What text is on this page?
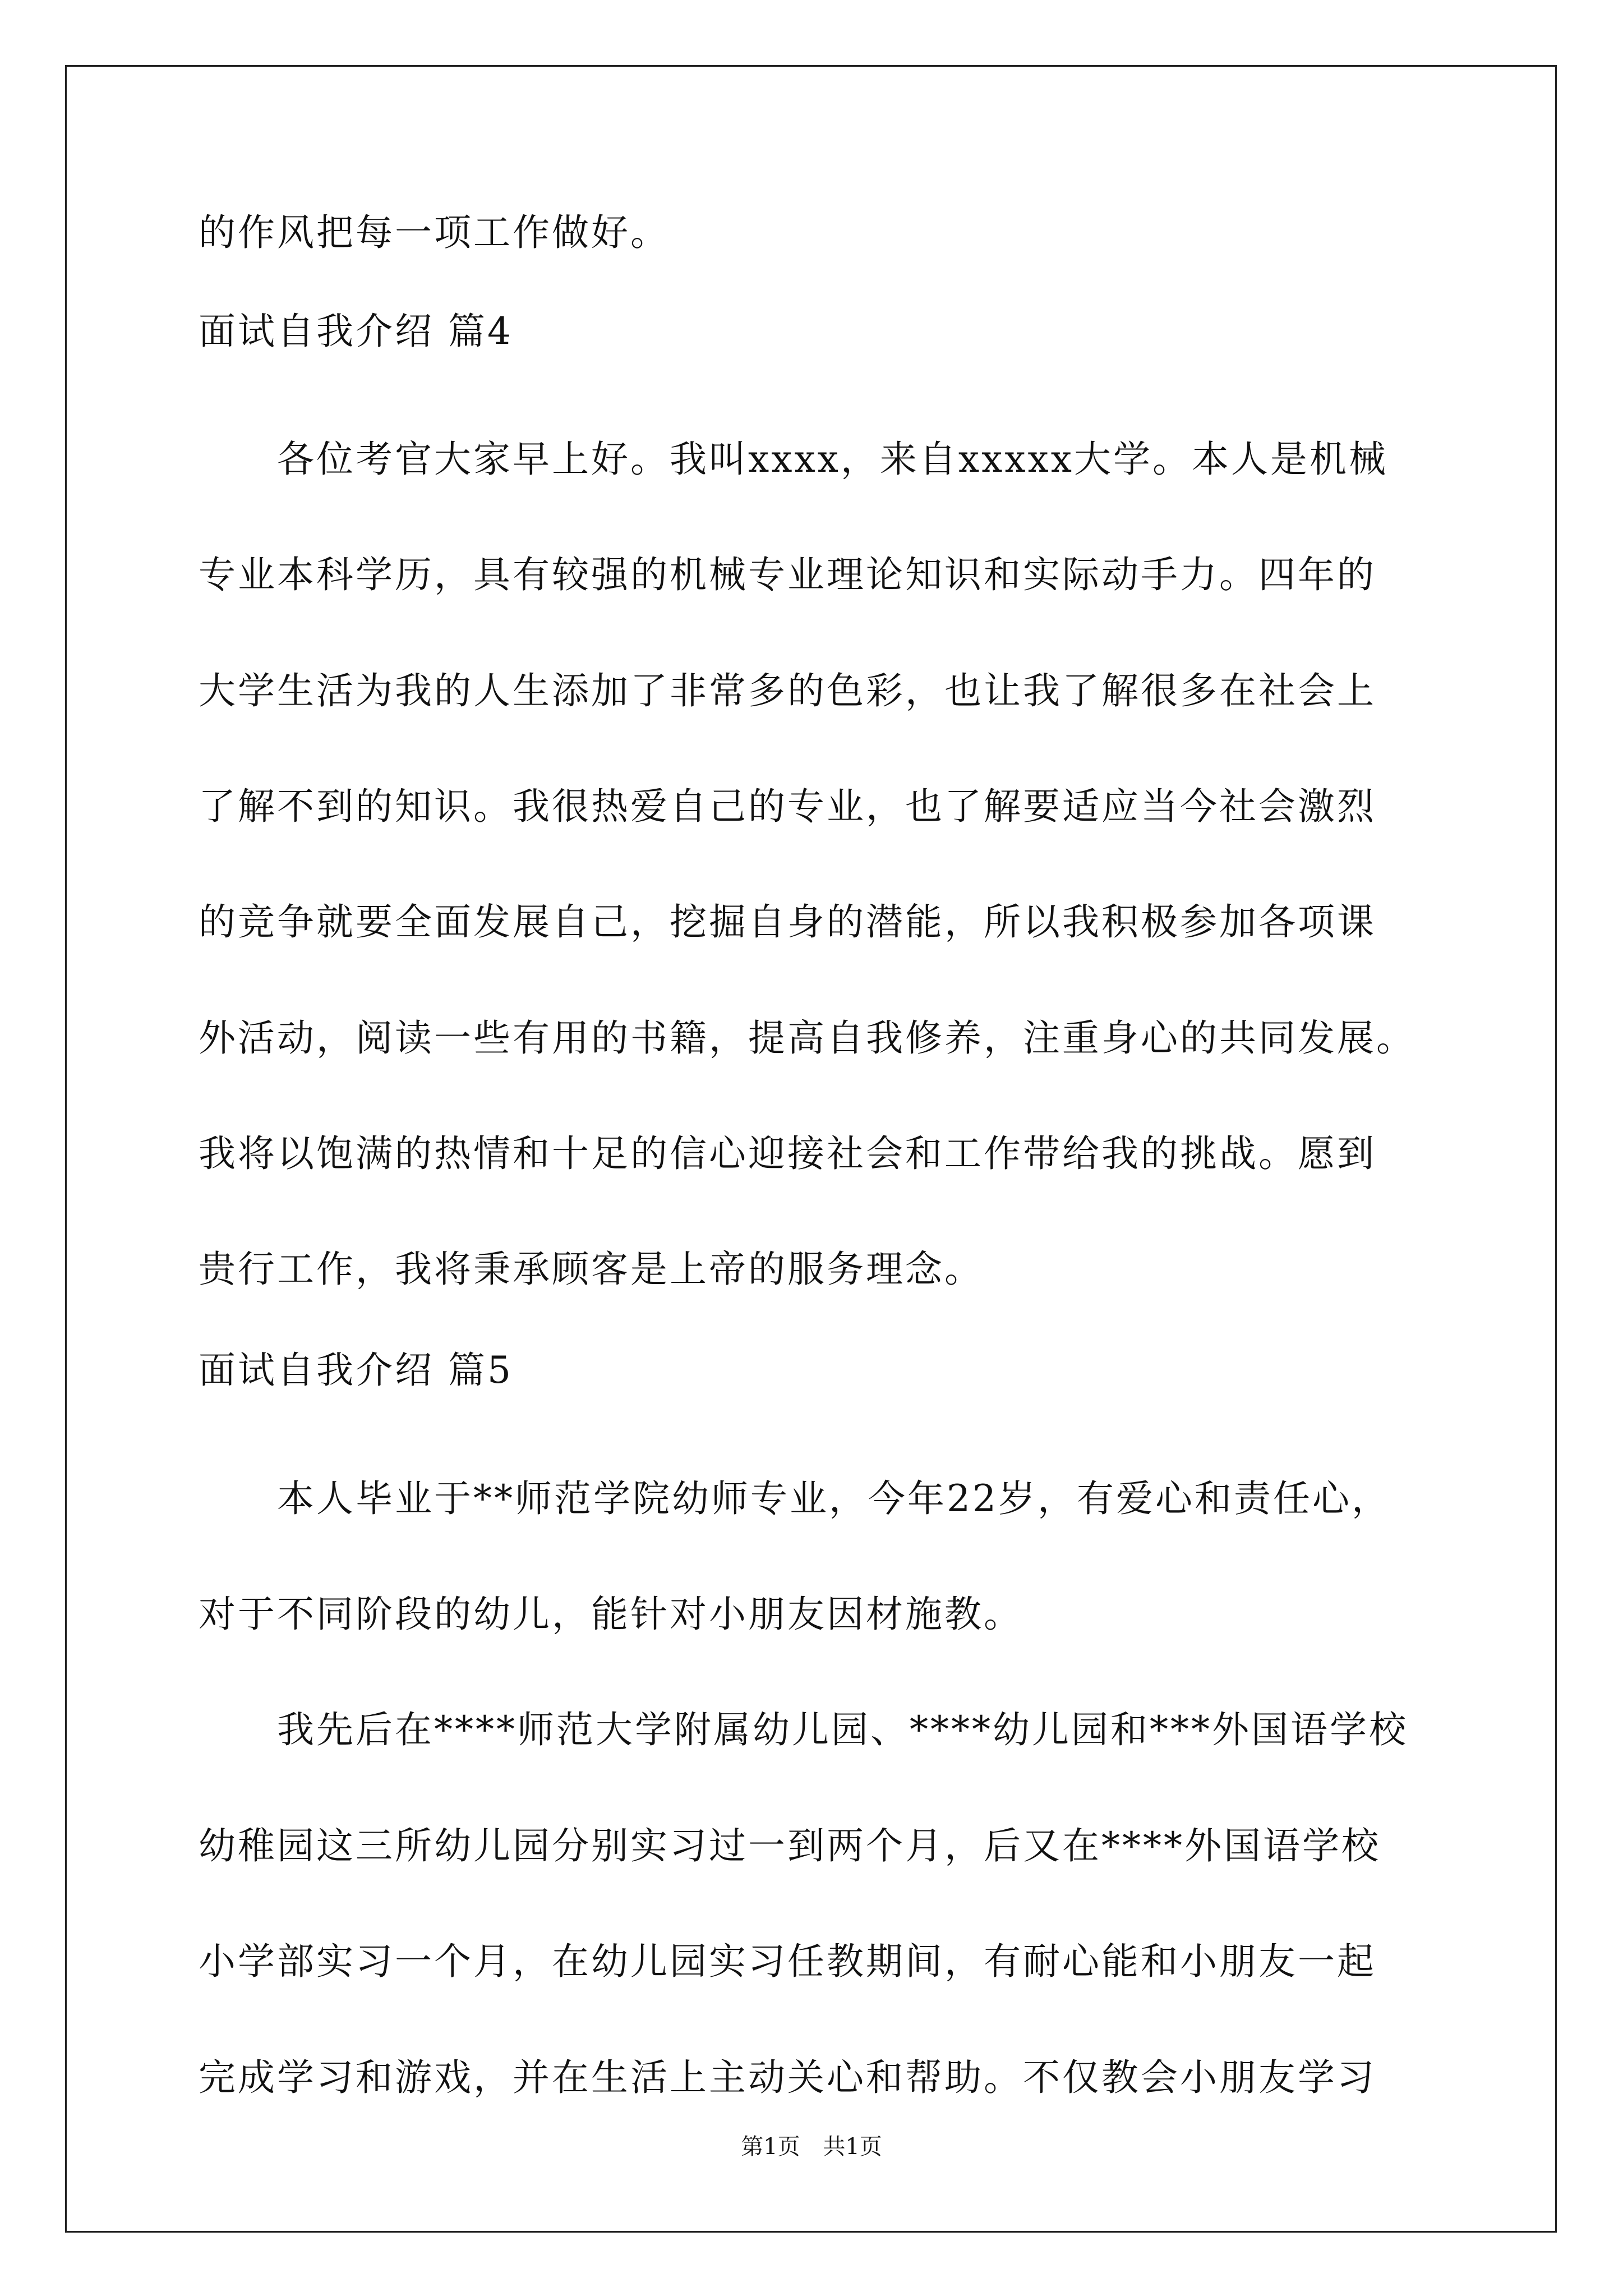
的作风把每一项工作做好。
面试自我介绍 篇4
各位考官大家早上好。我叫xxxx，来自xxxxx大学。本人是机械
专业本科学历，具有较强的机械专业理论知识和实际动手力。四年的
大学生活为我的人生添加了非常多的色彩，也让我了解很多在社会上
了解不到的知识。我很热爱自己的专业，也了解要适应当今社会激烈
的竞争就要全面发展自己，挖掘自身的潜能，所以我积极参加各项课
外活动，阅读一些有用的书籍，提高自我修养，注重身心的共同发展。
我将以饱满的热情和十足的信心迎接社会和工作带给我的挑战。愿到
贵行工作，我将秉承顾客是上帝的服务理念。
面试自我介绍 篇5
本人毕业于**师范学院幼师专业，今年22岁，有爱心和责任心，
对于不同阶段的幼儿，能针对小朋友因材施教。
我先后在****师范大学附属幼儿园、****幼儿园和***外国语学校
幼稚园这三所幼儿园分别实习过一到两个月，后又在****外国语学校
小学部实习一个月，在幼儿园实习任教期间，有耐心能和小朋友一起
完成学习和游戏，并在生活上主动关心和帮助。不仅教会小朋友学习
第1页 共1页
